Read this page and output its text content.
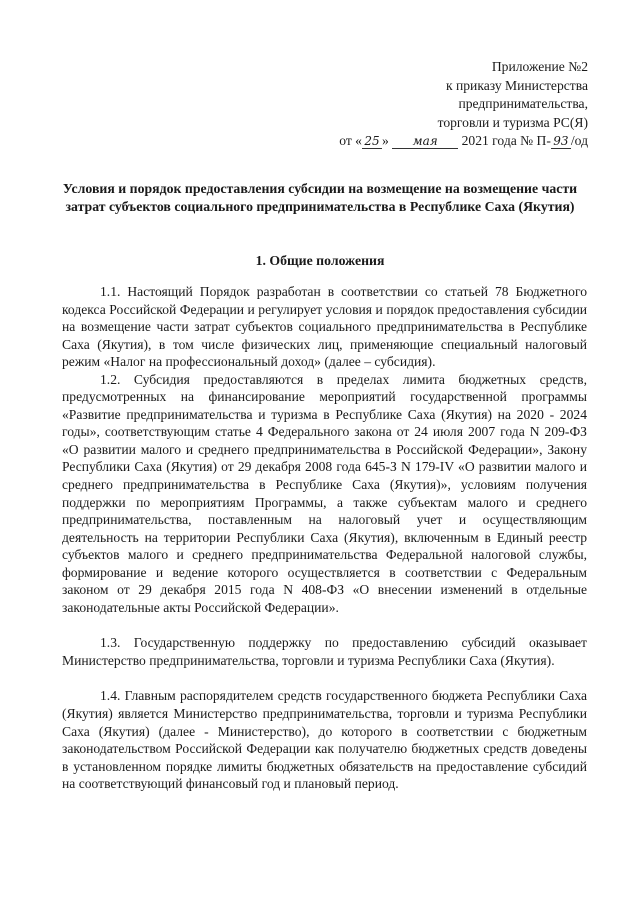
Приложение №2
к приказу Министерства
предпринимательства,
торговли и туризма РС(Я)
от « 25 » мая 2021 года № П- 93 /од
Условия и порядок предоставления субсидии на возмещение на возмещение части затрат субъектов социального предпринимательства в Республике Саха (Якутия)
1. Общие положения

1.1. Настоящий Порядок разработан в соответствии со статьей 78 Бюджетного кодекса Российской Федерации и регулирует условия и порядок предоставления субсидии на возмещение части затрат субъектов социального предпринимательства в Республике Саха (Якутия), в том числе физических лиц, применяющие специальный налоговый режим «Налог на профессиональный доход» (далее – субсидия).

1.2. Субсидия предоставляются в пределах лимита бюджетных средств, предусмотренных на финансирование мероприятий государственной программы «Развитие предпринимательства и туризма в Республике Саха (Якутия) на 2020 - 2024 годы», соответствующим статье 4 Федерального закона от 24 июля 2007 года N 209-ФЗ «О развитии малого и среднего предпринимательства в Российской Федерации», Закону Республики Саха (Якутия) от 29 декабря 2008 года 645-З N 179-IV «О развитии малого и среднего предпринимательства в Республике Саха (Якутия)», условиям получения поддержки по мероприятиям Программы, а также субъектам малого и среднего предпринимательства, поставленным на налоговый учет и осуществляющим деятельность на территории Республики Саха (Якутия), включенным в Единый реестр субъектов малого и среднего предпринимательства Федеральной налоговой службы, формирование и ведение которого осуществляется в соответствии с Федеральным законом от 29 декабря 2015 года N 408-ФЗ «О внесении изменений в отдельные законодательные акты Российской Федерации».

1.3. Государственную поддержку по предоставлению субсидий оказывает Министерство предпринимательства, торговли и туризма Республики Саха (Якутия).

1.4. Главным распорядителем средств государственного бюджета Республики Саха (Якутия) является Министерство предпринимательства, торговли и туризма Республики Саха (Якутия) (далее - Министерство), до которого в соответствии с бюджетным законодательством Российской Федерации как получателю бюджетных средств доведены в установленном порядке лимиты бюджетных обязательств на предоставление субсидий на соответствующий финансовый год и плановый период.
